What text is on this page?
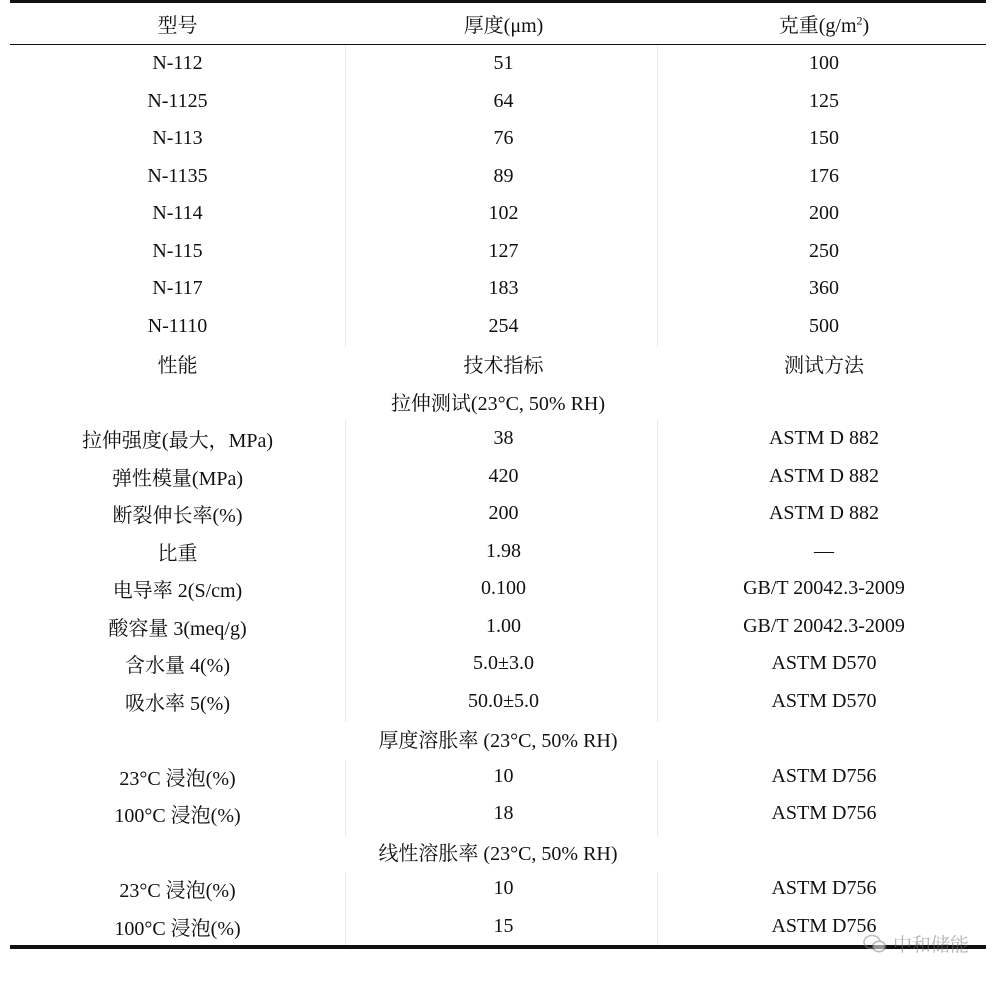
型号	厚度(μm)	克重$(g/m^2)$
N-112	51	100
N-1125	64	125
N-113	76	150
N-1135	89	176
N-114	102	200
N-115	127	250
N-117	183	360
N-1110	254	500
性能	技术指标	测试方法
拉伸测试(23°C, 50% RH)
拉伸强度(最大，MPa)	38	ASTM D 882
弹性模量(MPa)	420	ASTM D 882
断裂伸长率(%)	200	ASTM D 882
比重	1.98	—
电导率 2(S/cm)	0.100	GB/T 20042.3-2009
酸容量 3(meq/g)	1.00	GB/T 20042.3-2009
含水量 4(%)	5.0±3.0	ASTM D570
吸水率 5(%)	50.0±5.0	ASTM D570
厚度溶胀率 (23°C, 50% RH)
23°C 浸泡(%)	10	ASTM D756
100°C 浸泡(%)	18	ASTM D756
线性溶胀率 (23°C, 50% RH)
23°C 浸泡(%)	10	ASTM D756
100°C 浸泡(%)	15	ASTM D756
中和储能
